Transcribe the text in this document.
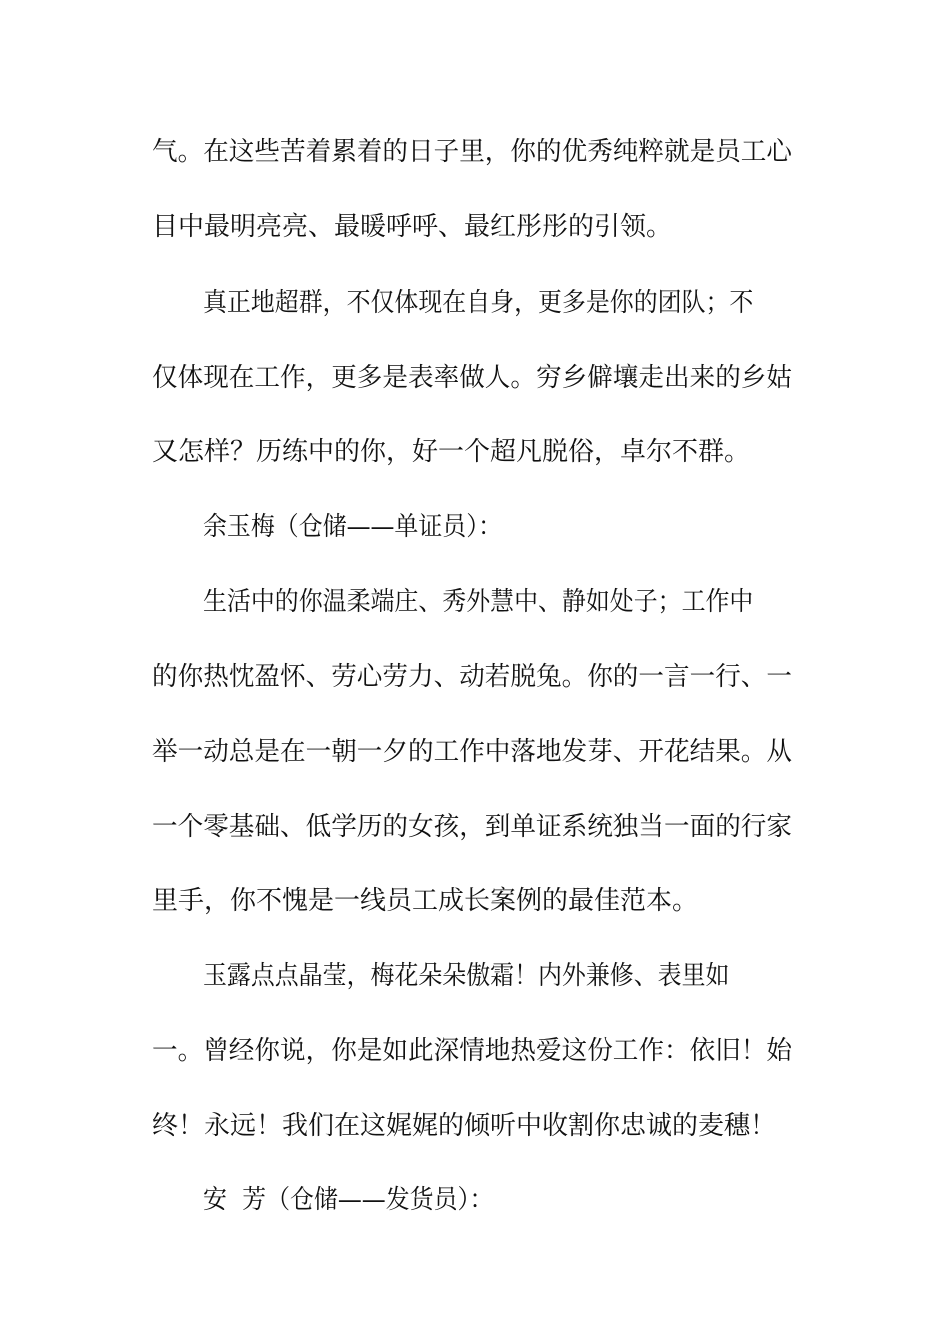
气。在这些苦着累着的日子里，你的优秀纯粹就是员工心
目中最明亮亮、最暖呼呼、最红彤彤的引领。
真正地超群，不仅体现在自身，更多是你的团队；不
仅体现在工作，更多是表率做人。穷乡僻壤走出来的乡姑
又怎样？历练中的你，好一个超凡脱俗，卓尔不群。
余玉梅（仓储——单证员）：
生活中的你温柔端庄、秀外慧中、静如处子；工作中
的你热忱盈怀、劳心劳力、动若脱兔。你的一言一行、一
举一动总是在一朝一夕的工作中落地发芽、开花结果。从
一个零基础、低学历的女孩，到单证系统独当一面的行家
里手，你不愧是一线员工成长案例的最佳范本。
玉露点点晶莹，梅花朵朵傲霜！内外兼修、表里如
一。曾经你说，你是如此深情地热爱这份工作：依旧！始
终！永远！我们在这娓娓的倾听中收割你忠诚的麦穗！
安  芳（仓储——发货员）：
